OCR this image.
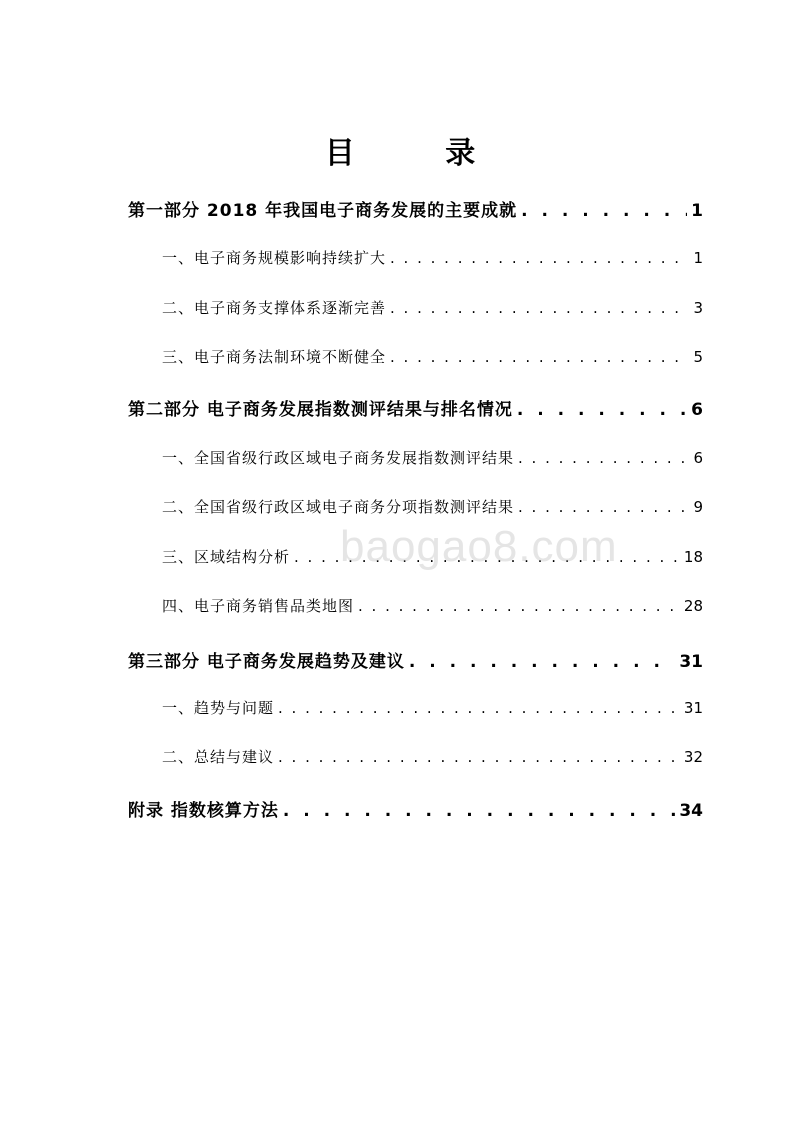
目 录
第一部分 2018 年我国电子商务发展的主要成就 . . .	1
一、电子商务规模影响持续扩大 . . .	1
二、电子商务支撑体系逐渐完善 . . .	3
三、电子商务法制环境不断健全 . . .	5
第二部分 电子商务发展指数测评结果与排名情况 . . .	6
一、全国省级行政区域电子商务发展指数测评结果 . . .	6
二、全国省级行政区域电子商务分项指数测评结果 . . .	9
三、区域结构分析 . . .	18
四、电子商务销售品类地图 . . .	28
第三部分 电子商务发展趋势及建议 . . .	31
一、趋势与问题 . . .	31
二、总结与建议 . . .	32
附录 指数核算方法 . . .	34
baogao8.com
